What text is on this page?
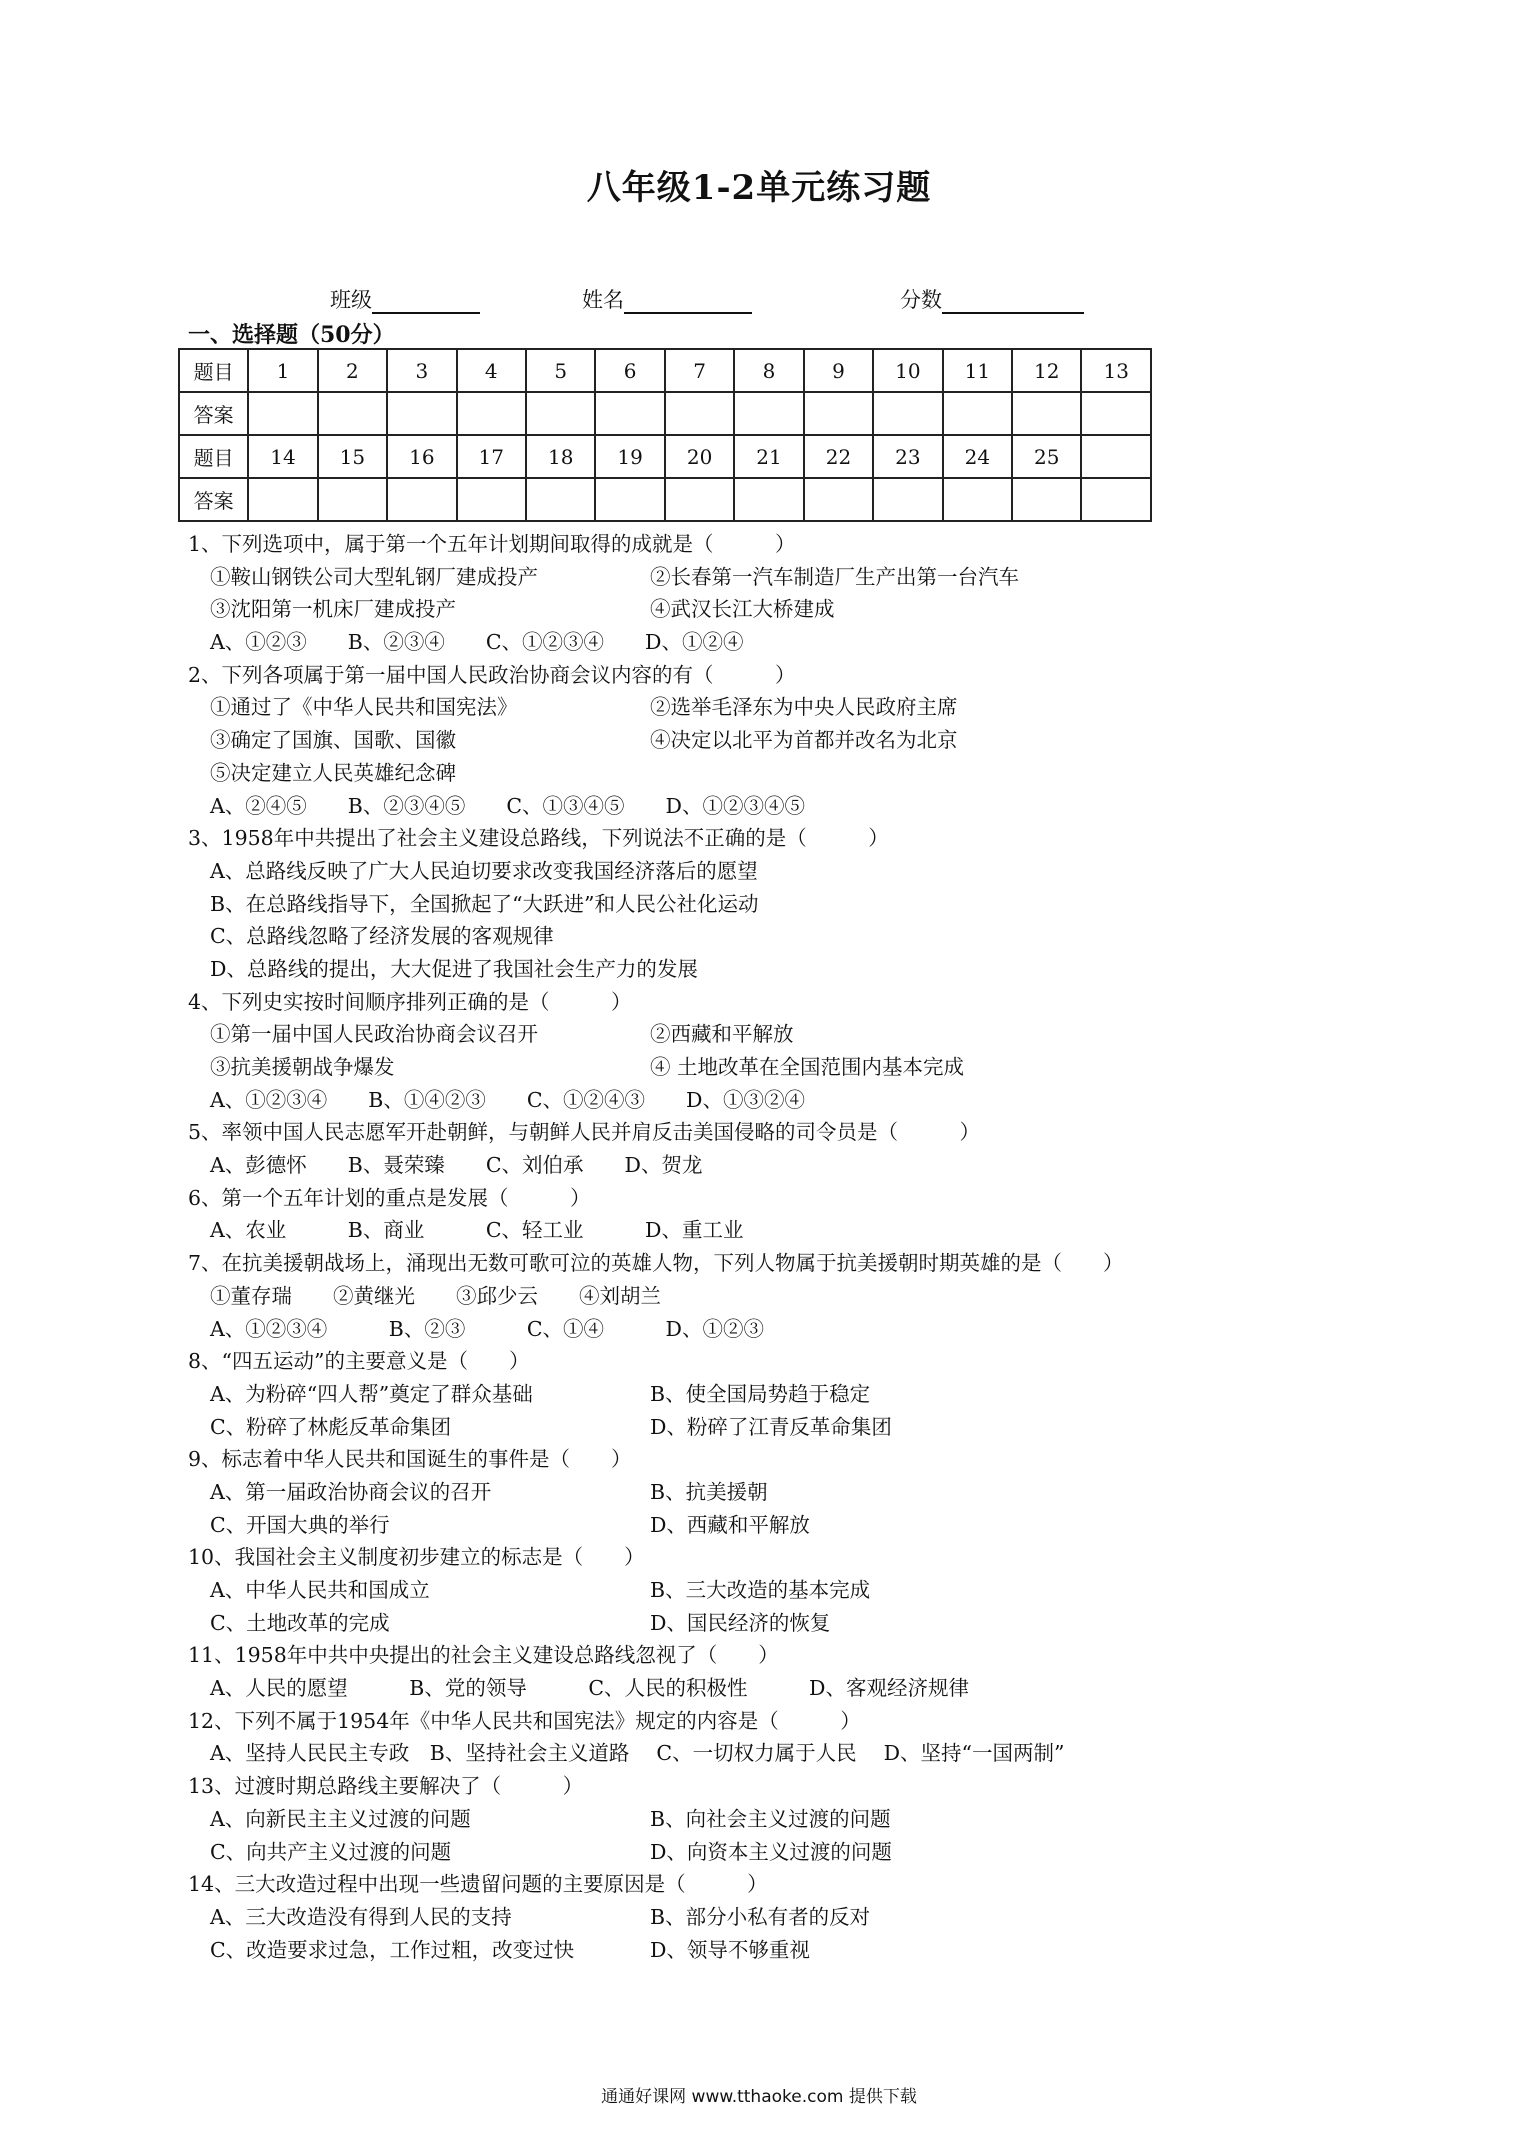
八年级1-2单元练习题
班级	姓名	分数
一、选择题（50分）
题目	1	2	3	4	5	6	7	8	9	10	11	12	13
答案													
题目	14	15	16	17	18	19	20	21	22	23	24	25	
答案													
1、下列选项中，属于第一个五年计划期间取得的成就是（　　　）
①鞍山钢铁公司大型轧钢厂建成投产	②长春第一汽车制造厂生产出第一台汽车
③沈阳第一机床厂建成投产	④武汉长江大桥建成
A、①②③　　B、②③④　　C、①②③④　　D、①②④
2、下列各项属于第一届中国人民政治协商会议内容的有（　　　）
①通过了《中华人民共和国宪法》	②选举毛泽东为中央人民政府主席
③确定了国旗、国歌、国徽	④决定以北平为首都并改名为北京
⑤决定建立人民英雄纪念碑
A、②④⑤　　B、②③④⑤　　C、①③④⑤　　D、①②③④⑤
3、1958年中共提出了社会主义建设总路线，下列说法不正确的是（　　　）
A、总路线反映了广大人民迫切要求改变我国经济落后的愿望
B、在总路线指导下，全国掀起了“大跃进”和人民公社化运动
C、总路线忽略了经济发展的客观规律
D、总路线的提出，大大促进了我国社会生产力的发展
4、下列史实按时间顺序排列正确的是（　　　）
①第一届中国人民政治协商会议召开	②西藏和平解放
③抗美援朝战争爆发	④ 土地改革在全国范围内基本完成
A、①②③④　　B、①④②③　　C、①②④③　　D、①③②④
5、率领中国人民志愿军开赴朝鲜，与朝鲜人民并肩反击美国侵略的司令员是（　　　）
A、彭德怀　　B、聂荣臻　　C、刘伯承　　D、贺龙
6、第一个五年计划的重点是发展（　　　）
A、农业　　　B、商业　　　C、轻工业　　　D、重工业
7、在抗美援朝战场上，涌现出无数可歌可泣的英雄人物，下列人物属于抗美援朝时期英雄的是（　　）
①董存瑞　　②黄继光　　③邱少云　　④刘胡兰
A、①②③④　　　B、②③　　　C、①④　　　D、①②③
8、“四五运动”的主要意义是（　　）
A、为粉碎“四人帮”奠定了群众基础	B、使全国局势趋于稳定
C、粉碎了林彪反革命集团	D、粉碎了江青反革命集团
9、标志着中华人民共和国诞生的事件是（　　）
A、第一届政治协商会议的召开	B、抗美援朝
C、开国大典的举行	D、西藏和平解放
10、我国社会主义制度初步建立的标志是（　　）
A、中华人民共和国成立	B、三大改造的基本完成
C、土地改革的完成	D、国民经济的恢复
11、1958年中共中央提出的社会主义建设总路线忽视了（　　）
A、人民的愿望　　　B、党的领导　　　C、人民的积极性　　　D、客观经济规律
12、下列不属于1954年《中华人民共和国宪法》规定的内容是（　　　）
A、坚持人民民主专政　B、坚持社会主义道路　 C、一切权力属于人民　 D、坚持“一国两制”
13、过渡时期总路线主要解决了（　　　）
A、向新民主主义过渡的问题	B、向社会主义过渡的问题
C、向共产主义过渡的问题	D、向资本主义过渡的问题
14、三大改造过程中出现一些遗留问题的主要原因是（　　　）
A、三大改造没有得到人民的支持	B、部分小私有者的反对
C、改造要求过急，工作过粗，改变过快	D、领导不够重视
通通好课网 www.tthaoke.com 提供下载
